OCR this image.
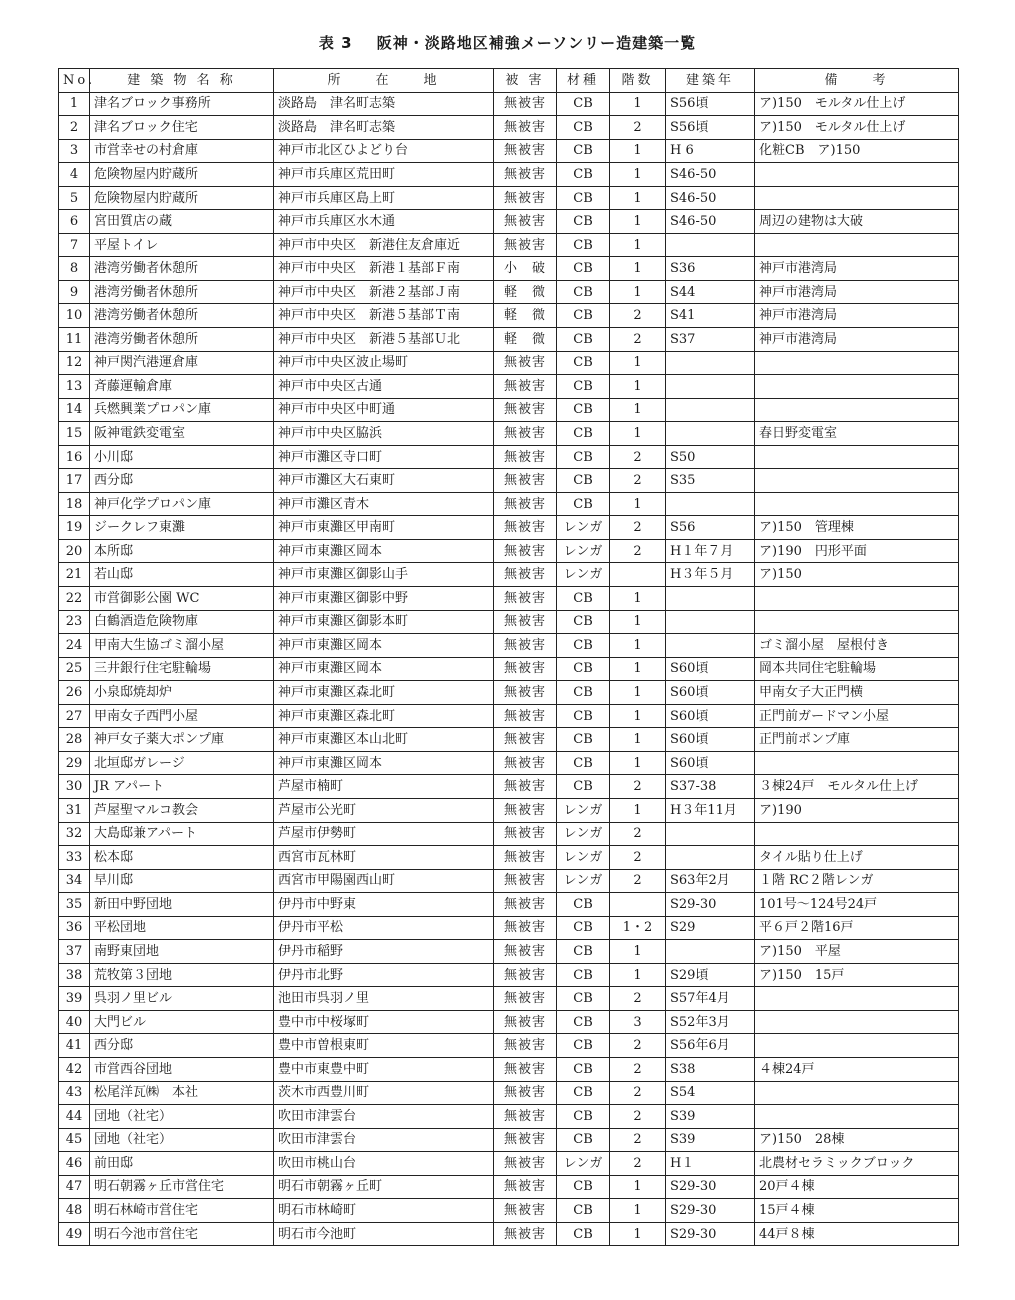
表 3 阪神・淡路地区補強メーソンリー造建築一覧
No.	建 築 物 名 称	所　　在　　地	被 害	材種	階数	建築年	備　　考
1	津名ブロック事務所	淡路島　津名町志築	無被害	CB	1	S56頃	ア)150　モルタル仕上げ
2	津名ブロック住宅	淡路島　津名町志築	無被害	CB	2	S56頃	ア)150　モルタル仕上げ
3	市営幸せの村倉庫	神戸市北区ひよどり台	無被害	CB	1	H 6	化粧CB　ア)150
4	危険物屋内貯蔵所	神戸市兵庫区荒田町	無被害	CB	1	S46-50	
5	危険物屋内貯蔵所	神戸市兵庫区島上町	無被害	CB	1	S46-50	
6	宮田質店の蔵	神戸市兵庫区水木通	無被害	CB	1	S46-50	周辺の建物は大破
7	平屋トイレ	神戸市中央区　新港住友倉庫近	無被害	CB	1		
8	港湾労働者休憩所	神戸市中央区　新港１基部Ｆ南	小　破	CB	1	S36	神戸市港湾局
9	港湾労働者休憩所	神戸市中央区　新港２基部Ｊ南	軽　微	CB	1	S44	神戸市港湾局
10	港湾労働者休憩所	神戸市中央区　新港５基部Ｔ南	軽　微	CB	2	S41	神戸市港湾局
11	港湾労働者休憩所	神戸市中央区　新港５基部Ｕ北	軽　微	CB	2	S37	神戸市港湾局
12	神戸関汽港運倉庫	神戸市中央区波止場町	無被害	CB	1		
13	斉藤運輸倉庫	神戸市中央区古通	無被害	CB	1		
14	兵燃興業プロパン庫	神戸市中央区中町通	無被害	CB	1		
15	阪神電鉄変電室	神戸市中央区脇浜	無被害	CB	1		春日野変電室
16	小川邸	神戸市灘区寺口町	無被害	CB	2	S50	
17	西分邸	神戸市灘区大石東町	無被害	CB	2	S35	
18	神戸化学プロパン庫	神戸市灘区青木	無被害	CB	1		
19	ジークレフ東灘	神戸市東灘区甲南町	無被害	レンガ	2	S56	ア)150　管理棟
20	本所邸	神戸市東灘区岡本	無被害	レンガ	2	H１年７月	ア)190　円形平面
21	若山邸	神戸市東灘区御影山手	無被害	レンガ		H３年５月	ア)150
22	市営御影公園 WC	神戸市東灘区御影中野	無被害	CB	1		
23	白鶴酒造危険物庫	神戸市東灘区御影本町	無被害	CB	1		
24	甲南大生協ゴミ溜小屋	神戸市東灘区岡本	無被害	CB	1		ゴミ溜小屋　屋根付き
25	三井銀行住宅駐輪場	神戸市東灘区岡本	無被害	CB	1	S60頃	岡本共同住宅駐輪場
26	小泉邸焼却炉	神戸市東灘区森北町	無被害	CB	1	S60頃	甲南女子大正門横
27	甲南女子西門小屋	神戸市東灘区森北町	無被害	CB	1	S60頃	正門前ガードマン小屋
28	神戸女子薬大ポンプ庫	神戸市東灘区本山北町	無被害	CB	1	S60頃	正門前ポンプ庫
29	北垣邸ガレージ	神戸市東灘区岡本	無被害	CB	1	S60頃	
30	JR アパート	芦屋市楠町	無被害	CB	2	S37-38	３棟24戸　モルタル仕上げ
31	芦屋聖マルコ教会	芦屋市公光町	無被害	レンガ	1	H３年11月	ア)190
32	大島邸兼アパート	芦屋市伊勢町	無被害	レンガ	2		
33	松本邸	西宮市瓦林町	無被害	レンガ	2		タイル貼り仕上げ
34	早川邸	西宮市甲陽園西山町	無被害	レンガ	2	S63年2月	１階 RC２階レンガ
35	新田中野団地	伊丹市中野東	無被害	CB		S29-30	101号〜124号24戸
36	平松団地	伊丹市平松	無被害	CB	1・2	S29	平６戸２階16戸
37	南野東団地	伊丹市稲野	無被害	CB	1		ア)150　平屋
38	荒牧第３団地	伊丹市北野	無被害	CB	1	S29頃	ア)150　15戸
39	呉羽ノ里ビル	池田市呉羽ノ里	無被害	CB	2	S57年4月	
40	大門ビル	豊中市中桜塚町	無被害	CB	3	S52年3月	
41	西分邸	豊中市曽根東町	無被害	CB	2	S56年6月	
42	市営西谷団地	豊中市東豊中町	無被害	CB	2	S38	４棟24戸
43	松尾洋瓦㈱　本社	茨木市西豊川町	無被害	CB	2	S54	
44	団地（社宅）	吹田市津雲台	無被害	CB	2	S39	
45	団地（社宅）	吹田市津雲台	無被害	CB	2	S39	ア)150　28棟
46	前田邸	吹田市桃山台	無被害	レンガ	2	H１	北農材セラミックブロック
47	明石朝霧ヶ丘市営住宅	明石市朝霧ヶ丘町	無被害	CB	1	S29-30	20戸４棟
48	明石林崎市営住宅	明石市林崎町	無被害	CB	1	S29-30	15戸４棟
49	明石今池市営住宅	明石市今池町	無被害	CB	1	S29-30	44戸８棟
